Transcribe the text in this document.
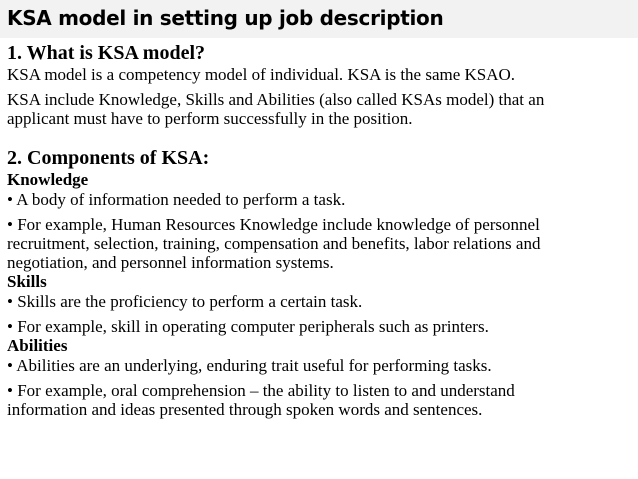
KSA model in setting up job description
1. What is KSA model?
KSA model is a competency model of individual. KSA is the same KSAO.
KSA include Knowledge, Skills and Abilities (also called KSAs model) that an
applicant must have to perform successfully in the position.
2. Components of KSA:
Knowledge
• A body of information needed to perform a task.
• For example, Human Resources Knowledge include knowledge of personnel
recruitment, selection, training, compensation and benefits, labor relations and
negotiation, and personnel information systems.
Skills
• Skills are the proficiency to perform a certain task.
• For example, skill in operating computer peripherals such as printers.
Abilities
• Abilities are an underlying, enduring trait useful for performing tasks.
• For example, oral comprehension – the ability to listen to and understand
information and ideas presented through spoken words and sentences.
